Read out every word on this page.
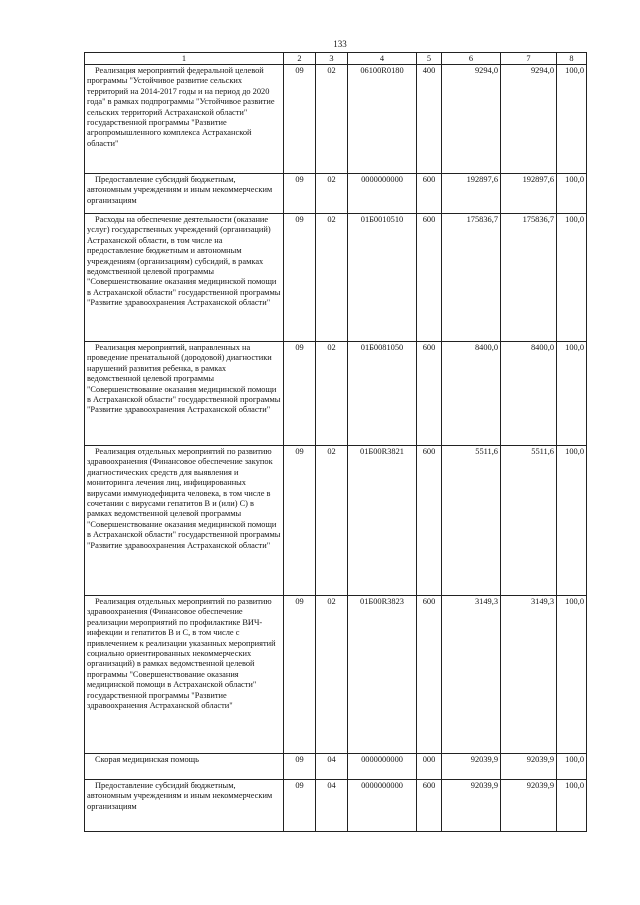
133
1	2	3	4	5	6	7	8
Реализация мероприятий федеральной целевой программы "Устойчивое развитие сельских территорий на 2014-2017 годы и на период до 2020 года" в рамках подпрограммы "Устойчивое развитие сельских территорий Астраханской области" государственной программы "Развитие агропромышленного комплекса Астраханской области"	09	02	06100R0180	400	9294,0	9294,0	100,0
Предоставление субсидий бюджетным, автономным учреждениям и иным некоммерческим организациям	09	02	0000000000	600	192897,6	192897,6	100,0
Расходы на обеспечение деятельности (оказание услуг) государственных учреждений (организаций) Астраханской области, в том числе на предоставление бюджетным и автономным учреждениям (организациям) субсидий, в рамках ведомственной целевой программы "Совершенствование оказания медицинской помощи в Астраханской области" государственной программы "Развитие здравоохранения Астраханской области"	09	02	01Б0010510	600	175836,7	175836,7	100,0
Реализация мероприятий, направленных на проведение пренатальной (дородовой) диагностики нарушений развития ребенка, в рамках ведомственной целевой программы "Совершенствование оказания медицинской помощи в Астраханской области" государственной программы "Развитие здравоохранения Астраханской области"	09	02	01Б0081050	600	8400,0	8400,0	100,0
Реализация отдельных мероприятий по развитию здравоохранения (Финансовое обеспечение закупок диагностических средств для выявления и мониторинга лечения лиц, инфицированных вирусами иммунодефицита человека, в том числе в сочетании с вирусами гепатитов В и (или) С) в рамках ведомственной целевой программы "Совершенствование оказания медицинской помощи в Астраханской области" государственной программы "Развитие здравоохранения Астраханской области"	09	02	01Б00R3821	600	5511,6	5511,6	100,0
Реализация отдельных мероприятий по развитию здравоохранения (Финансовое обеспечение реализации мероприятий по профилактике ВИЧ-инфекции и гепатитов В и С, в том числе с привлечением к реализации указанных мероприятий социально ориентированных некоммерческих организаций) в рамках ведомственной целевой программы "Совершенствование оказания медицинской помощи в Астраханской области" государственной программы "Развитие здравоохранения Астраханской области"	09	02	01Б00R3823	600	3149,3	3149,3	100,0
Скорая медицинская помощь	09	04	0000000000	000	92039,9	92039,9	100,0
Предоставление субсидий бюджетным, автономным учреждениям и иным некоммерческим организациям	09	04	0000000000	600	92039,9	92039,9	100,0
